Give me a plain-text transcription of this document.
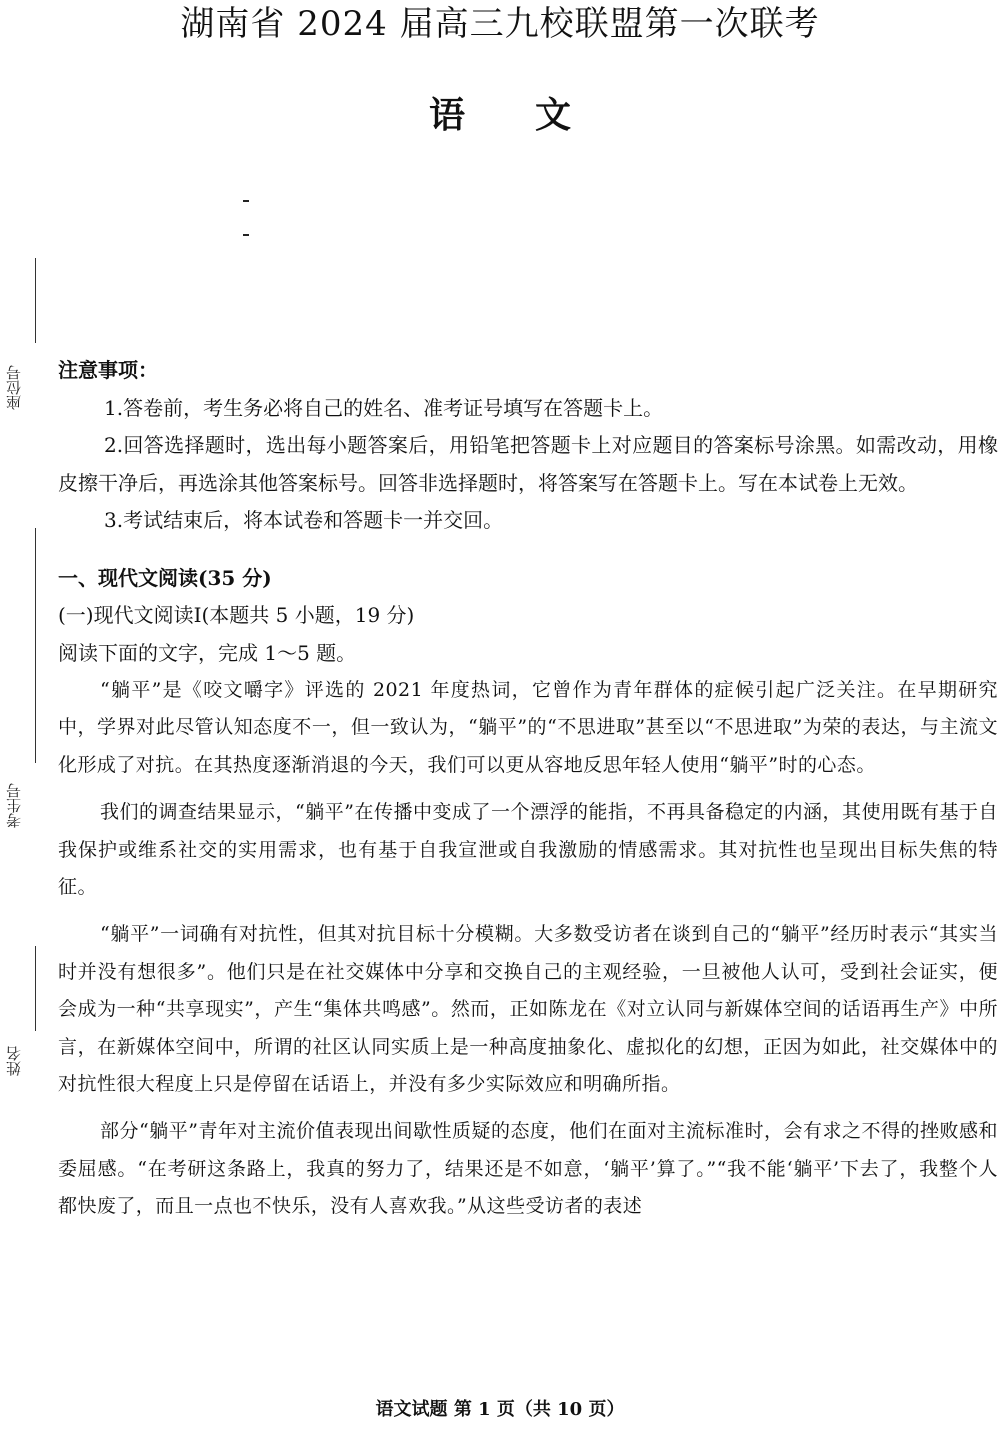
湖南省 2024 届高三九校联盟第一次联考
语文
座位号
考生号
姓名

注意事项：

1.答卷前，考生务必将自己的姓名、准考证号填写在答题卡上。

2.回答选择题时，选出每小题答案后，用铅笔把答题卡上对应题目的答案标号涂黑。如需改动，用橡皮擦干净后，再选涂其他答案标号。回答非选择题时，将答案写在答题卡上。写在本试卷上无效。

3.考试结束后，将本试卷和答题卡一并交回。

一、现代文阅读(35 分)

(一)现代文阅读Ⅰ(本题共 5 小题，19 分)

阅读下面的文字，完成 1～5 题。

“躺平”是《咬文嚼字》评选的 2021 年度热词，它曾作为青年群体的症候引起广泛关注。在早期研究中，学界对此尽管认知态度不一，但一致认为，“躺平”的“不思进取”甚至以“不思进取”为荣的表达，与主流文化形成了对抗。在其热度逐渐消退的今天，我们可以更从容地反思年轻人使用“躺平”时的心态。

我们的调查结果显示，“躺平”在传播中变成了一个漂浮的能指，不再具备稳定的内涵，其使用既有基于自我保护或维系社交的实用需求，也有基于自我宣泄或自我激励的情感需求。其对抗性也呈现出目标失焦的特征。

“躺平”一词确有对抗性，但其对抗目标十分模糊。大多数受访者在谈到自己的“躺平”经历时表示“其实当时并没有想很多”。他们只是在社交媒体中分享和交换自己的主观经验，一旦被他人认可，受到社会证实，便会成为一种“共享现实”，产生“集体共鸣感”。然而，正如陈龙在《对立认同与新媒体空间的话语再生产》中所言，在新媒体空间中，所谓的社区认同实质上是一种高度抽象化、虚拟化的幻想，正因为如此，社交媒体中的对抗性很大程度上只是停留在话语上，并没有多少实际效应和明确所指。

部分“躺平”青年对主流价值表现出间歇性质疑的态度，他们在面对主流标准时，会有求之不得的挫败感和委屈感。“在考研这条路上，我真的努力了，结果还是不如意，‘躺平’算了。”“我不能‘躺平’下去了，我整个人都快废了，而且一点也不快乐，没有人喜欢我。”从这些受访者的表述

语文试题 第 1 页（共 10 页）
